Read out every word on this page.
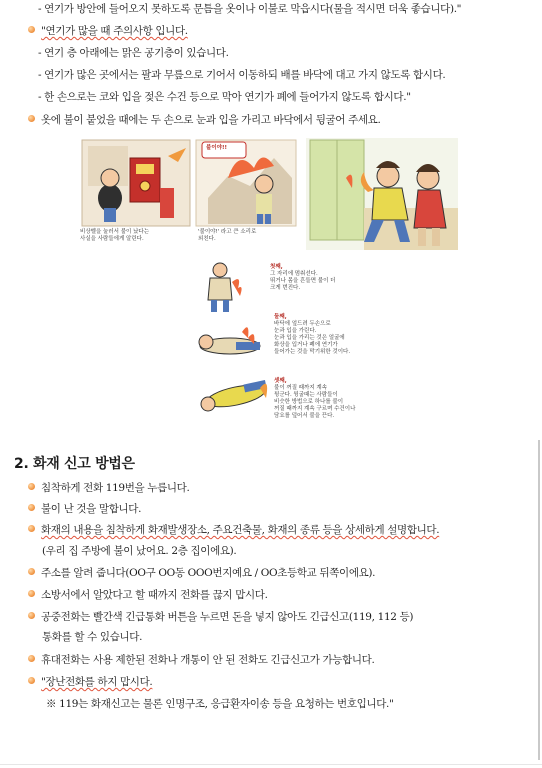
- 연기가 방안에 들어오지 못하도록 문틈을 옷이나 이불로 막읍시다(물을 적시면 더욱 좋습니다)."
"연기가 많을 때 주의사항 입니다.
- 연기 층 아래에는 맑은 공기층이 있습니다.
- 연기가 많은 곳에서는 팔과 무릎으로 기어서 이동하되 배를 바닥에 대고 가지 않도록 합시다.
- 한 손으로는 코와 입을 젖은 수건 등으로 막아 연기가 폐에 들어가지 않도록 합시다."
옷에 불이 붙었을 때에는 두 손으로 눈과 입을 가리고 바닥에서 뒹굴어 주세요.
불이야!!
비상벨을 눌러서 불이 났다는
사실을 사람들에게 알린다.
'불이야!' 라고 큰 소리로
외친다.
첫째,
그 자리에 멈춰선다.
뛰거나 몸을 흔들면 불이 더
크게 번진다.
둘째,
바닥에 엎드려 두손으로
눈과 입을 가린다.
눈과 입을 가리는 것은 얼굴에
화상을 입거나 폐에 연기가
들어가는 것을 막기위한 것이다.
셋째,
불이 꺼질 때까지 계속
뒹군다. 뒹굴때는 사람들이
비슷한 방법으로 하나를 불이
꺼질 때까지 계속 구르며 수건이나
담요를 덮어서 불을 끈다.
2. 화재 신고 방법은
침착하게 전화 119번을 누릅니다.
불이 난 것을 말합니다.
화재의 내용을 침착하게 화재발생장소, 주요건축물, 화재의 종류 등을 상세하게 설명합니다.
(우리 집 주방에 불이 났어요. 2층 집이에요).
주소를 알려 줍니다(OO구 OO동 OOO번지예요 / OO초등학교 뒤쪽이에요).
소방서에서 알았다고 할 때까지 전화를 끊지 맙시다.
공중전화는 빨간색 긴급통화 버튼을 누르면 돈을 넣지 않아도 긴급신고(119, 112 등)
통화를 할 수 있습니다.
휴대전화는 사용 제한된 전화나 개통이 안 된 전화도 긴급신고가 가능합니다.
"장난전화를 하지 맙시다.
※ 119는 화재신고는 물론 인명구조, 응급환자이송 등을 요청하는 번호입니다."
